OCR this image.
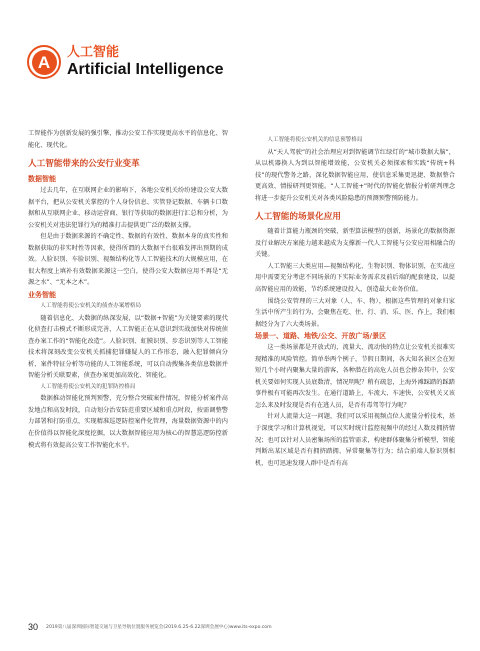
A	人工智能
Artificial Intelligence

工智能作为创新发展的强引擎，推动公安工作实现更高水平的信息化、智能化、现代化。

人工智能带来的公安行业变革
数据智能

过去几年，在互联网企业的影响下，各地公安机关纷纷建设公安大数据平台，把从公安机关掌控的个人身份信息、实管登记数据、车辆卡口数据和从互联网企业、移动运营商、银行等获取的数据进行汇总和分析，为公安机关对违法犯罪行为的精准打击提供更广泛的数据支撑。

但是由于数据来源的不确定性、数据的有效性、数据本身的真实性和数据获取的非实时性等因素，使得所谓的大数据平台很难发挥出预期的成效。人脸识别、车脸识别、视频结构化等人工智能技术的大规模应用，在很大程度上填补有效数据来源这一空白，使得公安大数据应用不再是“无源之水”、“无本之木”。

业务智能
人工智能将使公安机关的侦查办案增格局

随着信息化、大数据的纵深发展，以“数据+智能”为关键要素的现代化侦查打击模式不断形成完善，人工智能正在从意识到实战加快对传统侦查办案工作的“智能化改造”。人脸识别、虹膜识别、步态识别等人工智能技术将深刻改变公安机关抓捕犯罪嫌疑人的工作形态，融入犯罪倾向分析、案件特征分析等功能的人工智能系统，可以自动搜集各类信息数据并智能分析关联要素，侦查办案更加高效化、智能化。

人工智能将使公安机关的犯罪防控格局

数据推动智能化预判预警，充分整合突破案件情况，智能分析案件高发地点和高发时段，自动划分治安防范重要区域和重点时段，按需调整警力部署和打防重点，实现精准巡逻防控案件化管理，海量数据资源中的内在价值得以智能化深度挖掘，以大数据智能应用为核心的智慧巡逻防控新模式将有效提高公安工作智能化水平。

人工智能将使公安机关的信息预警格局

从“天人驾驶”的社会治理应对到智能调节红绿灯的“城市数据大脑”，从以机器换人为到以智能增效能，公安机关必须探索和实践“传统+科技”的现代警务之路，深化数据智能应用，使信息采集更迅捷、数据整合更高效、情报研判更智能。“人工智能+”时代的智能化情报分析研判理念将进一步提升公安机关对各类风险隐患的预测预警预防能力。

人工智能的场景化应用

随着计算能力瓶颈的突破，新型算法模型的创新，场景化的数据资源及行业解决方案能力越来越成为支撑新一代人工智能与公安应用相融合的关键。

人工智能三大类应用—视频结构化、生物识别、物体识别，在实战应用中需要充分考虑不同场景的下实际业务需求及前后端的配套建设，以提高智能应用的效能，节约系统建设投入，创造最大业务价值。

围绕公安管理的三大对象（人、车、物），根据这些管理的对象归家生活中所产生的行为，会聚焦在吃、住、行、消、乐、医、作上，我们根据经分为了六大类场景。

场景一、道路、地铁/公交、开放广场/景区

这一类场景都是开放式的，流量大、流动快的特点让公安机关很难实现精准的风险管控。简单举两个例子，节假日期间，各大知名景区会在短短几个小时内聚集大量的游客，各种潜在的高危人员也会掺杂其中，公安机关要如何实现人员底数清，情况明呢？稍有疏忽，上海外滩踩踏的踩踏事件极有可能再次发生。在通行道路上，车流大、车速快，公安机关又该怎么来及时发现是否有在逃人员，是否有毒驾等行为呢？

针对人流量大这一问题，我们可以采用视频点位人流量分析技术，基于深度学习和计算机视觉，可以实时统计监控视频中的经过人数及拥挤情况；也可以针对人员密集场所的监管需求，构建群体聚集分析模型，智能判断出某区域是否有拥挤踏拥、异常聚集等行为；结合前端人脸识别相机，也可迅速发现人群中是否有高

30 2019第八届深圳国际智能交通与卫星导航位置服务展览会(2019.6.25-6.22深圳会展中心)www.its-expo.com
